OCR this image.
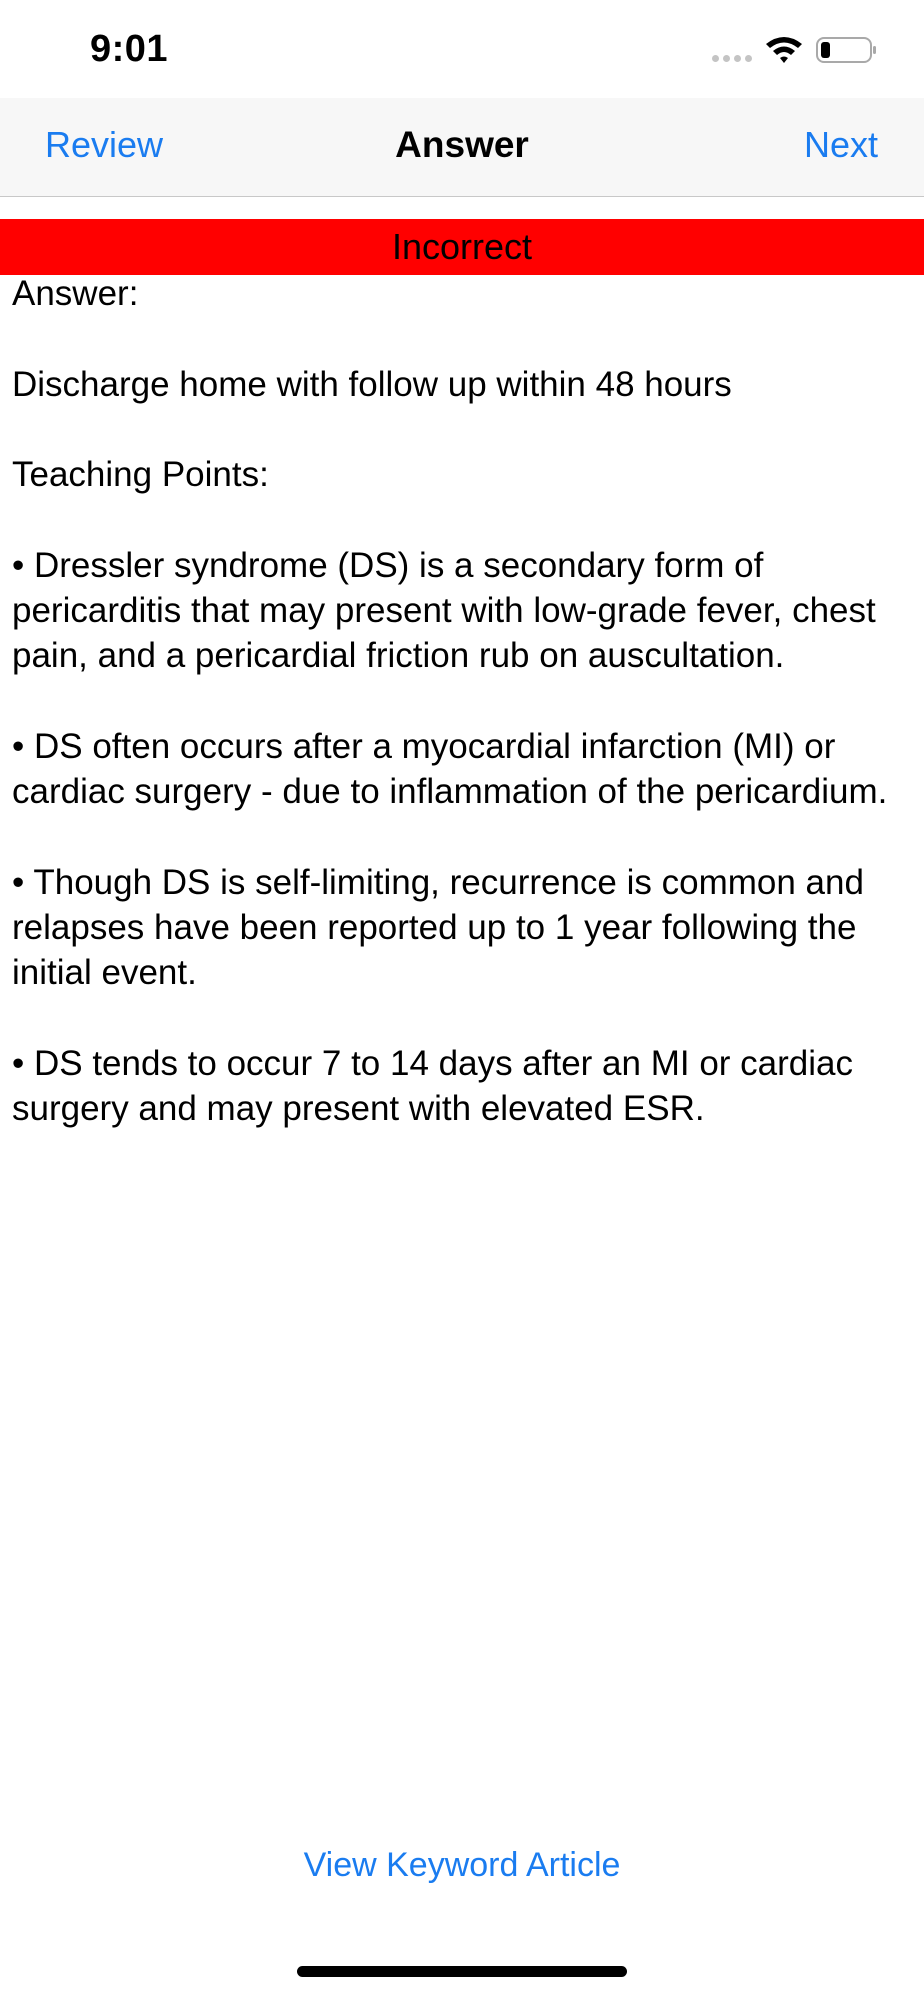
9:01
Review	Answer	Next
Incorrect

Answer:

Discharge home with follow up within 48 hours

Teaching Points:

• Dressler syndrome (DS) is a secondary form of pericarditis that may present with low-grade fever, chest pain, and a pericardial friction rub on auscultation.

• DS often occurs after a myocardial infarction (MI) or cardiac surgery - due to inflammation of the pericardium.

• Though DS is self-limiting, recurrence is common and relapses have been reported up to 1 year following the initial event.

• DS tends to occur 7 to 14 days after an MI or cardiac surgery and may present with elevated ESR.

View Keyword Article
